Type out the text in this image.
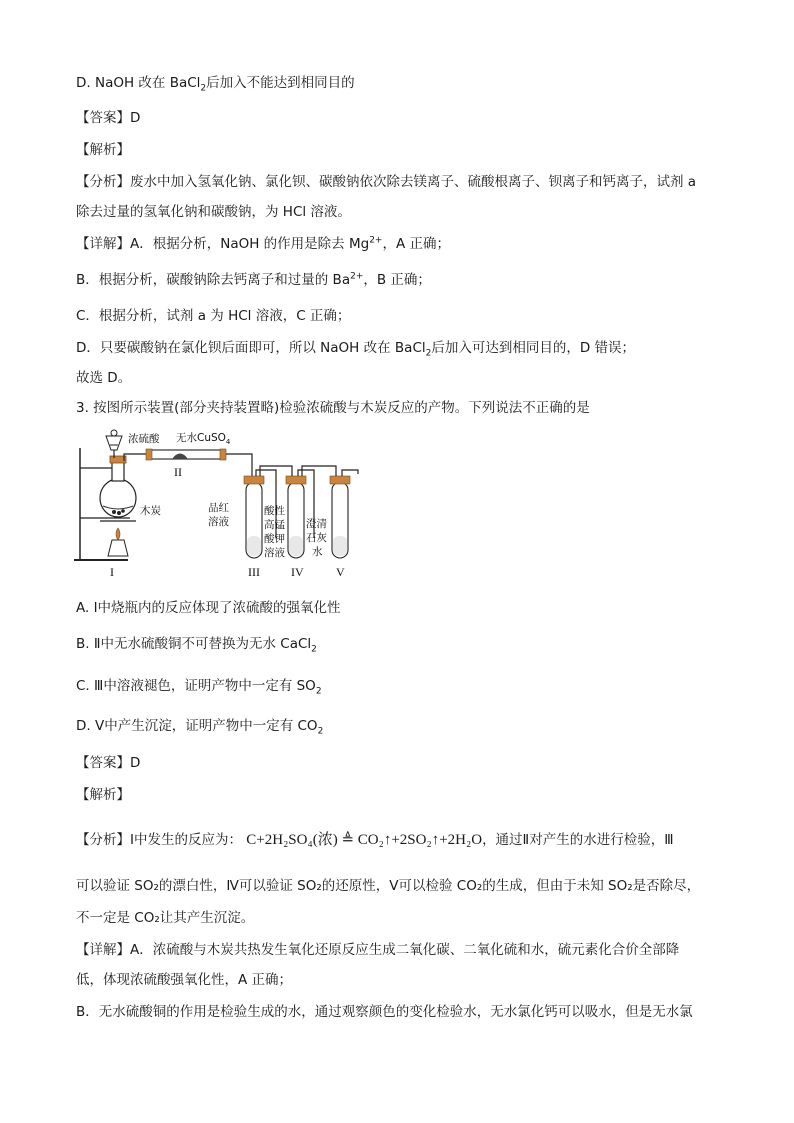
D. NaOH 改在 BaCl$_2$后加入不能达到相同目的
【答案】D
【解析】
【分析】废水中加入氢氧化钠、氯化钡、碳酸钠依次除去镁离子、硫酸根离子、钡离子和钙离子，试剂 a
除去过量的氢氧化钠和碳酸钠，为 HCl 溶液。
【详解】A．根据分析，NaOH 的作用是除去 $Mg^{2+}$，A 正确；
B．根据分析，碳酸钠除去钙离子和过量的 $Ba^{2+}$，B 正确；
C．根据分析，试剂 a 为 HCl 溶液，C 正确；
D．只要碳酸钠在氯化钡后面即可，所以 NaOH 改在 BaCl$_2$后加入可达到相同目的，D 错误；
故选 D。
3. 按图所示装置(部分夹持装置略)检验浓硫酸与木炭反应的产物。下列说法不正确的是
浓硫酸 无水CuSO$_4$
木炭	品红
溶液
酸性
高锰
酸钾
溶液
澄清
石灰
水
I
II
III	IV	V
A. Ⅰ中烧瓶内的反应体现了浓硫酸的强氧化性
B. Ⅱ中无水硫酸铜不可替换为无水 CaCl$_2$
C. Ⅲ中溶液褪色，证明产物中一定有 $SO_2$
D. Ⅴ中产生沉淀，证明产物中一定有 $CO_2$
【答案】D
【解析】
【分析】Ⅰ中发生的反应为： C+2H₂SO₄(浓) ≜ CO₂↑+2SO₂↑+2H₂O，通过Ⅱ对产生的水进行检验，Ⅲ
可以验证 SO₂的漂白性，Ⅳ可以验证 SO₂的还原性，Ⅴ可以检验 CO₂的生成，但由于未知 SO₂是否除尽，
不一定是 CO₂让其产生沉淀。
【详解】A．浓硫酸与木炭共热发生氧化还原反应生成二氧化碳、二氧化硫和水，硫元素化合价全部降
低，体现浓硫酸强氧化性，A 正确；
B．无水硫酸铜的作用是检验生成的水，通过观察颜色的变化检验水，无水氯化钙可以吸水，但是无水氯
